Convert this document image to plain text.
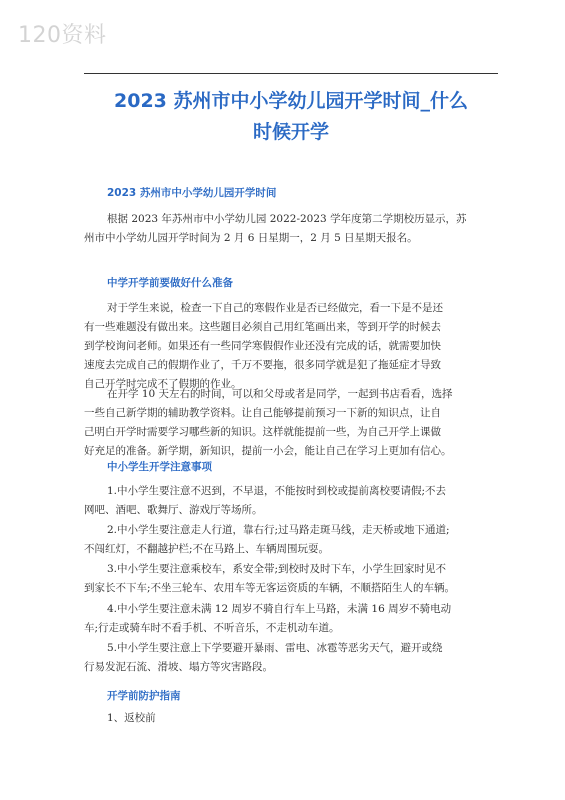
120资料
2023 苏州市中小学幼儿园开学时间_什么
时候开学
2023 苏州市中小学幼儿园开学时间
根据 2023 年苏州市中小学幼儿园 2022-2023 学年度第二学期校历显示，苏
州市中小学幼儿园开学时间为 2 月 6 日星期一，2 月 5 日星期天报名。
中学开学前要做好什么准备
对于学生来说，检查一下自己的寒假作业是否已经做完，看一下是不是还
有一些难题没有做出来。这些题目必须自己用红笔画出来，等到开学的时候去
到学校询问老师。如果还有一些同学寒假假作业还没有完成的话，就需要加快
速度去完成自己的假期作业了，千万不要拖，很多同学就是犯了拖延症才导致
自己开学时完成不了假期的作业。
在开学 10 天左右的时间，可以和父母或者是同学，一起到书店看看，选择
一些自己新学期的辅助教学资料。让自己能够提前预习一下新的知识点，让自
己明白开学时需要学习哪些新的知识。这样就能提前一些，为自己开学上课做
好充足的准备。新学期，新知识，提前一小会，能让自己在学习上更加有信心。
中小学生开学注意事项
1.中小学生要注意不迟到，不早退，不能按时到校或提前离校要请假;不去
网吧、酒吧、歌舞厅、游戏厅等场所。
2.中小学生要注意走人行道，靠右行;过马路走斑马线，走天桥或地下通道;
不闯红灯，不翻越护栏;不在马路上、车辆周围玩耍。
3.中小学生要注意乘校车，系安全带;到校时及时下车，小学生回家时见不
到家长不下车;不坐三轮车、农用车等无客运资质的车辆，不顺搭陌生人的车辆。
4.中小学生要注意未满 12 周岁不骑自行车上马路，未满 16 周岁不骑电动
车;行走或骑车时不看手机、不听音乐，不走机动车道。
5.中小学生要注意上下学要避开暴雨、雷电、冰雹等恶劣天气，避开或绕
行易发泥石流、滑坡、塌方等灾害路段。
开学前防护指南
1、返校前
